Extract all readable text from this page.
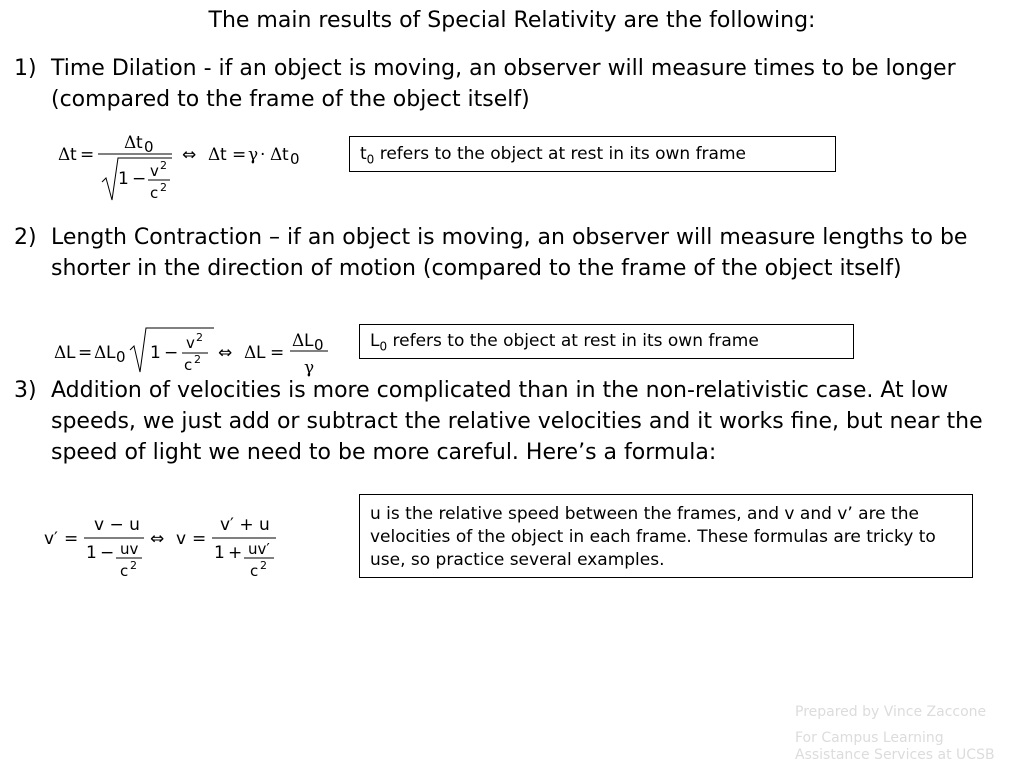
The main results of Special Relativity are the following:
1) Time Dilation - if an object is moving, an observer will measure times to be longer (compared to the frame of the object itself)
Δ t =
Δ t 0
1 − v 2
c 2
⇔ Δ t = γ · Δ t 0	$t_0$ refers to the object at rest in its own frame
2) Length Contraction – if an object is moving, an observer will measure lengths to be shorter in the direction of motion (compared to the frame of the object itself)
Δ L = Δ L 0 1 − v 2
c 2 ⇔ Δ L =
Δ L 0
γ
$L_0$ refers to the object at rest in its own frame
3) Addition of velocities is more complicated than in the non-relativistic case. At low speeds, we just add or subtract the relative velocities and it works fine, but near the speed of light we need to be more careful. Here’s a formula:
v′ =
v − u
1 − uv
c 2
⇔ v =
v′ + u
1 + uv′
c 2
u is the relative speed between the frames, and v and v’ are the velocities of the object in each frame. These formulas are tricky to use, so practice several examples.
Prepared by Vince Zaccone
For Campus Learning Assistance Services at UCSB
